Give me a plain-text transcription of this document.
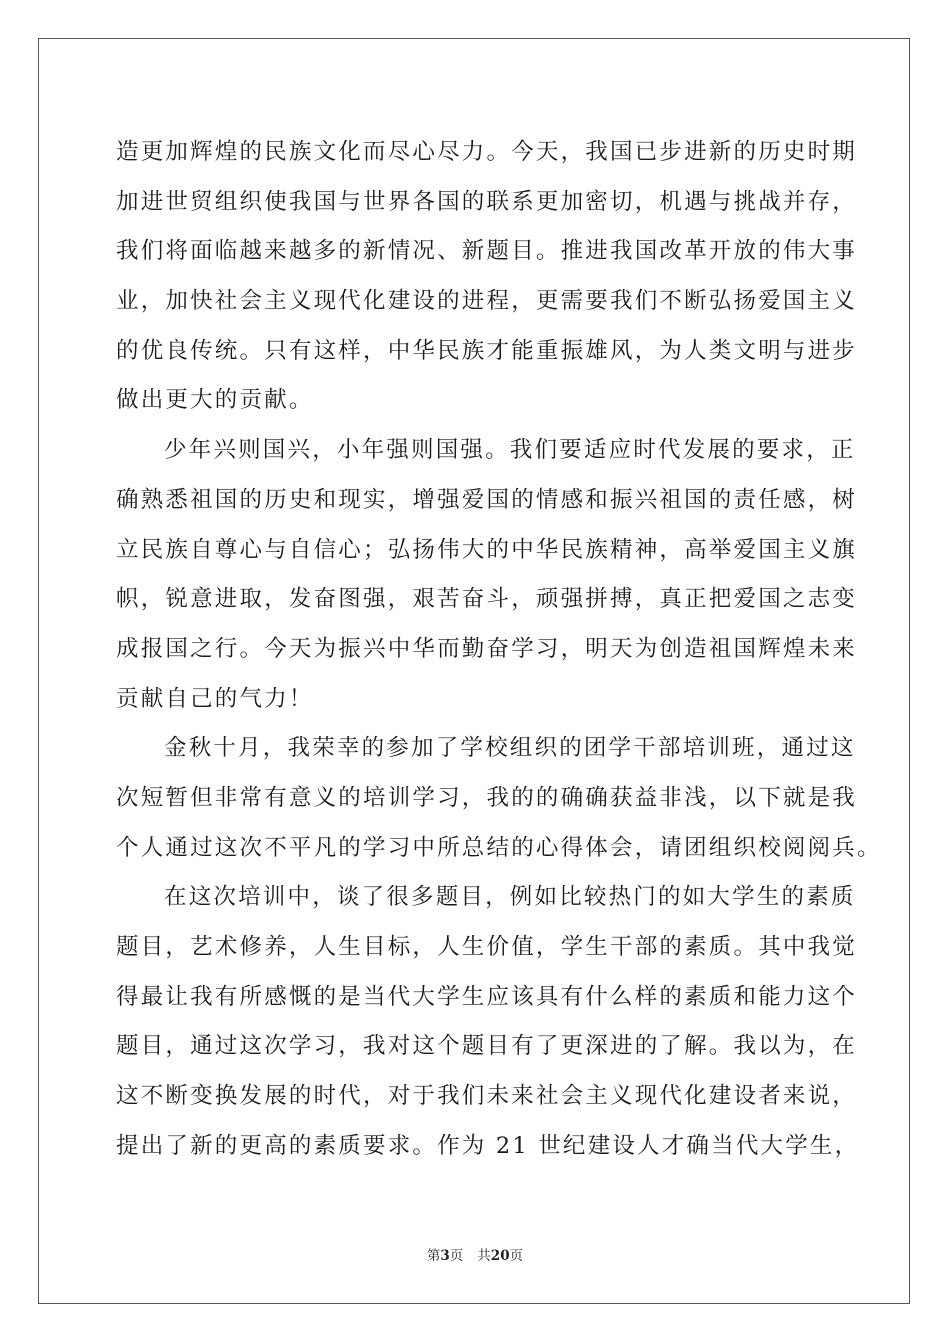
造更加辉煌的民族文化而尽心尽力。今天，我国已步进新的历史时期

加进世贸组织使我国与世界各国的联系更加密切，机遇与挑战并存，

我们将面临越来越多的新情况、新题目。推进我国改革开放的伟大事

业，加快社会主义现代化建设的进程，更需要我们不断弘扬爱国主义

的优良传统。只有这样，中华民族才能重振雄风，为人类文明与进步

做出更大的贡献。

少年兴则国兴，小年强则国强。我们要适应时代发展的要求，正

确熟悉祖国的历史和现实，增强爱国的情感和振兴祖国的责任感，树

立民族自尊心与自信心；弘扬伟大的中华民族精神，高举爱国主义旗

帜，锐意进取，发奋图强，艰苦奋斗，顽强拼搏，真正把爱国之志变

成报国之行。今天为振兴中华而勤奋学习，明天为创造祖国辉煌未来

贡献自己的气力！

金秋十月，我荣幸的参加了学校组织的团学干部培训班，通过这

次短暂但非常有意义的培训学习，我的的确确获益非浅，以下就是我

个人通过这次不平凡的学习中所总结的心得体会，请团组织校阅阅兵。

在这次培训中，谈了很多题目，例如比较热门的如大学生的素质

题目，艺术修养，人生目标，人生价值，学生干部的素质。其中我觉

得最让我有所感慨的是当代大学生应该具有什么样的素质和能力这个

题目，通过这次学习，我对这个题目有了更深进的了解。我以为，在

这不断变换发展的时代，对于我们未来社会主义现代化建设者来说，

提出了新的更高的素质要求。作为 21 世纪建设人才确当代大学生，

第3页 共20页
